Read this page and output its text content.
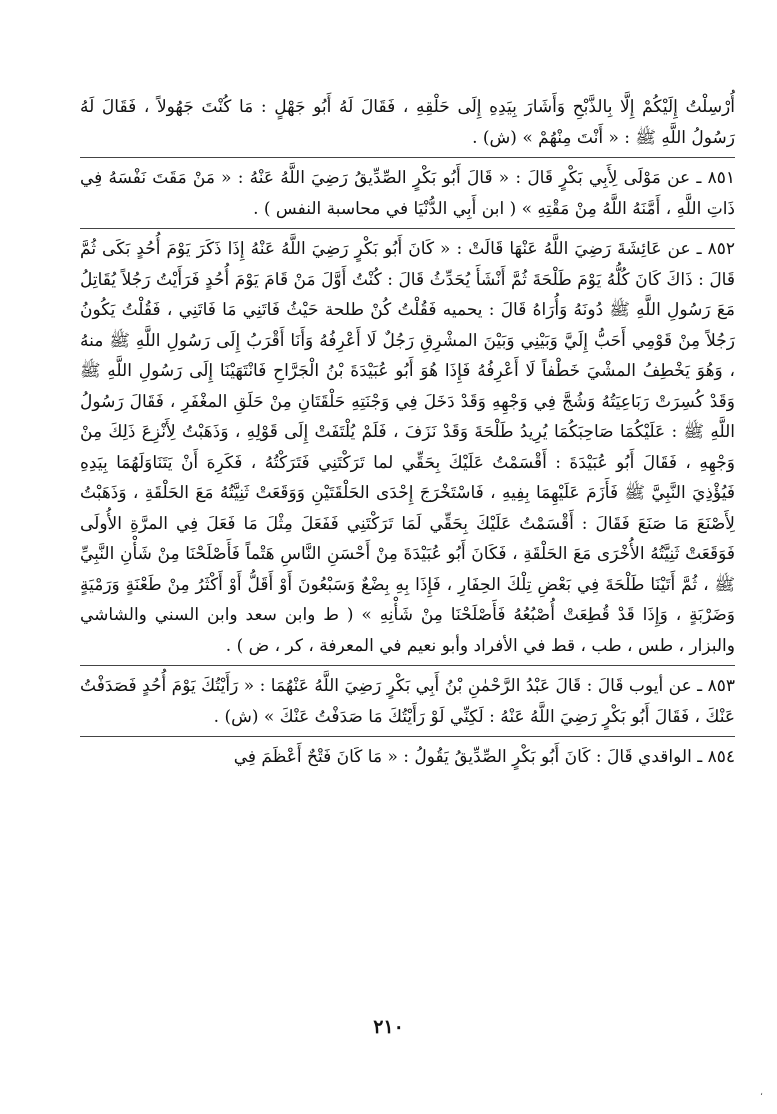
أُرْسِلْتُ إِلَيْكُمْ إِلَّا بِالذَّبْحِ وَأَشَارَ بِيَدِهِ إِلَى حَلْقِهِ ، فَقَالَ لَهُ أَبُو جَهْلٍ : مَا كُنْتَ جَهُولاً ، فَقَالَ لَهُ رَسُولُ اللَّهِ ﷺ : « أَنْتَ مِنْهُمْ » (ش) .

٨٥١ ـ عن مَوْلَى لِأَبِي بَكْرٍ قَالَ : « قَالَ أَبُو بَكْرٍ الصِّدِّيقُ رَضِيَ اللَّهُ عَنْهُ : « مَنْ مَقَتَ نَفْسَهُ فِي ذَاتِ اللَّهِ ، أَمَّنَهُ اللَّهُ مِنْ مَقْتِهِ » ( ابن أَبِي الدُّنْيَا في محاسبة النفس ) .

٨٥٢ ـ عن عَائِشَةَ رَضِيَ اللَّهُ عَنْهَا قَالَتْ : « كَانَ أَبُو بَكْرٍ رَضِيَ اللَّهُ عَنْهُ إِذَا ذَكَرَ يَوْمَ أُحُدٍ بَكَى ثُمَّ قَالَ : ذَاكَ كَانَ كُلُّهُ يَوْمَ طَلْحَةَ ثُمَّ أَنْشَأَ يُحَدِّثُ قَالَ : كُنْتُ أَوَّلَ مَنْ قَامَ يَوْمَ أُحُدٍ فَرَأَيْتُ رَجُلاً يُقَاتِلُ مَعَ رَسُولِ اللَّهِ ﷺ دُونَهُ وَأُرَاهُ قَالَ : يحميه فَقُلْتُ كُنْ طلحة حَيْثُ فَاتَنِي مَا فَاتَنِي ، فَقُلْتُ يَكُونُ رَجُلاً مِنْ قَوْمِي أَحَبُّ إِلَيَّ وَبَيْنِي وَبَيْنَ المشْرِقِ رَجُلٌ لَا أَعْرِفُهُ وَأَنَا أَقْرَبُ إِلَى رَسُولِ اللَّهِ ﷺ منهُ ، وَهُوَ يَخْطِفُ المشْيَ خَطْفاً لَا أَعْرِفُهُ فَإِذَا هُوَ أَبُو عُبَيْدَةَ بْنُ الْجَرَّاحِ فَانْتَهَيْنَا إِلَى رَسُولِ اللَّهِ ﷺ وَقَدْ كُسِرَتْ رَبَاعِيَتُهُ وَشُجَّ فِي وَجْهِهِ وَقَدْ دَخَلَ فِي وَجْنَتِهِ حَلْقَتَانِ مِنْ حَلَقِ المغْفَرِ ، فَقَالَ رَسُولُ اللَّهِ ﷺ : عَلَيْكُمَا صَاحِبَكُمَا يُرِيدُ طَلْحَةَ وَقَدْ نَزَفَ ، فَلَمْ يُلْتَفَتْ إِلَى قَوْلِهِ ، وَذَهَبْتُ لِأَنْزِعَ ذَلِكَ مِنْ وَجْهِهِ ، فَقَالَ أَبُو عُبَيْدَةَ : أَقْسَمْتُ عَلَيْكَ بِحَقِّي لما تَرَكْتَنِي فَتَرَكْتُهُ ، فَكَرِهَ أَنْ يَتَنَاوَلَهُمَا بِيَدِهِ فَيُؤْذِيَ النَّبِيَّ ﷺ فَأَزَمَ عَلَيْهِمَا بِفِيهِ ، فَاسْتَخْرَجَ إِحْدَى الحَلْقَتَيْنِ وَوَقَعَتْ ثَنِيَّتُهُ مَعَ الحَلْقَةِ ، وَذَهَبْتُ لِأَصْنَعَ مَا صَنَعَ فَقَالَ : أَقْسَمْتُ عَلَيْكَ بِحَقِّي لَمَا تَرَكْتَنِي فَفَعَلَ مِثْلَ مَا فَعَلَ فِي المرَّةِ الأُولَى فَوَقَعَتْ ثَنِيَّتُهُ الأُخْرَى مَعَ الحَلْقَةِ ، فَكَانَ أَبُو عُبَيْدَةَ مِنْ أَحْسَنِ النَّاسِ هَتْماً فَأَصْلَحْنَا مِنْ شَأْنِ النَّبِيِّ ﷺ ، ثُمَّ أَتَيْنَا طَلْحَةَ فِي بَعْضِ تِلْكَ الحِفَارِ ، فَإِذَا بِهِ بِضْعٌ وَسَبْعُونَ أَوْ أَقَلُّ أَوْ أَكْثَرُ مِنْ طَعْنَةٍ وَرَمْيَةٍ وَضَرْبَةٍ ، وَإِذَا قَدْ قُطِعَتْ أُصْبُعُهُ فَأَصْلَحْنَا مِنْ شَأْنِهِ » ( ط وابن سعد وابن السني والشاشي والبزار ، طس ، طب ، قط في الأفراد وأبو نعيم في المعرفة ، كر ، ض ) .

٨٥٣ ـ عن أيوب قَالَ : قَالَ عَبْدُ الرَّحْمٰنِ بْنُ أَبِي بَكْرٍ رَضِيَ اللَّهُ عَنْهُمَا : « رَأَيْتُكَ يَوْمَ أُحُدٍ فَصَدَفْتُ عَنْكَ ، فَقَالَ أَبُو بَكْرٍ رَضِيَ اللَّهُ عَنْهُ : لَكِنِّي لَوْ رَأَيْتُكَ مَا صَدَفْتُ عَنْكَ » (ش) .

٨٥٤ ـ الواقدي قَالَ : كَانَ أَبُو بَكْرٍ الصِّدِّيقُ يَقُولُ : « مَا كَانَ فَتْحٌ أَعْظَمَ فِي

٢١٠
،
